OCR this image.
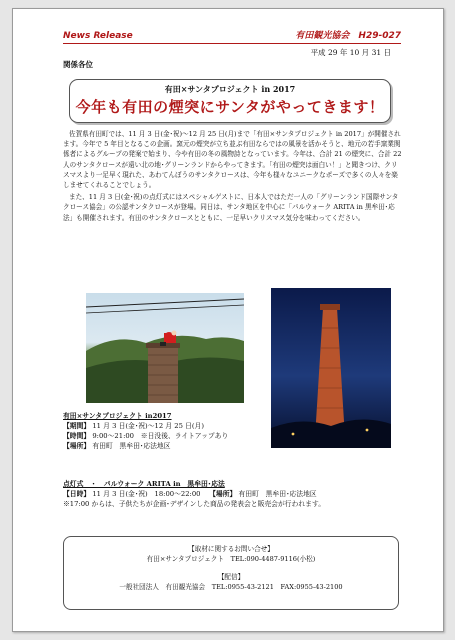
News Release	有田観光協会　H29-027
平成 29 年 10 月 31 日
関係各位
有田×サンタプロジェクト in 2017
今年も有田の煙突にサンタがやってきます！

佐賀県有田町では、11 月 3 日(金･祝)～12 月 25 日(月)まで「有田×サンタプロジェクト in 2017」が開催されます。今年で 5 年目となるこの企画。窯元の煙突が立ち並ぶ有田ならではの風景を活かそうと、地元の若手窯業関係者によるグループの発案で始まり、今や有田の冬の風物詩となっています。今年は、合計 21 の煙突に、合計 22 人のサンタクロースが遠い北の地･グリーンランドからやってきます。「有田の煙突は面白い！」と聞きつけ、クリスマスより一足早く現れた、あわてんぼうのサンタクロースは、今年も様々なユニークなポーズで多くの人々を楽しませてくれることでしょう。

また、11 月 3 日(金･祝)の点灯式にはスペシャルゲストに、日本人ではただ一人の「グリーンランド国際サンタクロース協会」の公認サンタクロースが登場。同日は、サンタ地区を中心に「パルウォーク ARITA in 黒牟田･応法」も開催されます。有田のサンタクロースとともに、一足早いクリスマス気分を味わってください。

有田×サンタプロジェクト in2017
【期間】 11 月 3 日(金･祝)～12 月 25 日(月)
【時間】 9:00～21:00　※日没後、ライトアップあり
【場所】 有田町　黒牟田･応法地区
点灯式　・　パルウォーク ARITA in　黒牟田･応法
【日時】 11 月 3 日(金･祝)　18:00～22:00 【場所】 有田町　黒牟田･応法地区
※17:00 からは、子供たちが企画･デザインした商品の発表会と販売会が行われます。
【取材に関するお問い合せ】
有田×サンタプロジェクト　TEL:090-4487-9116(小松)
【配信】
一般社団法人　有田観光協会　TEL:0955-43-2121　FAX:0955-43-2100
